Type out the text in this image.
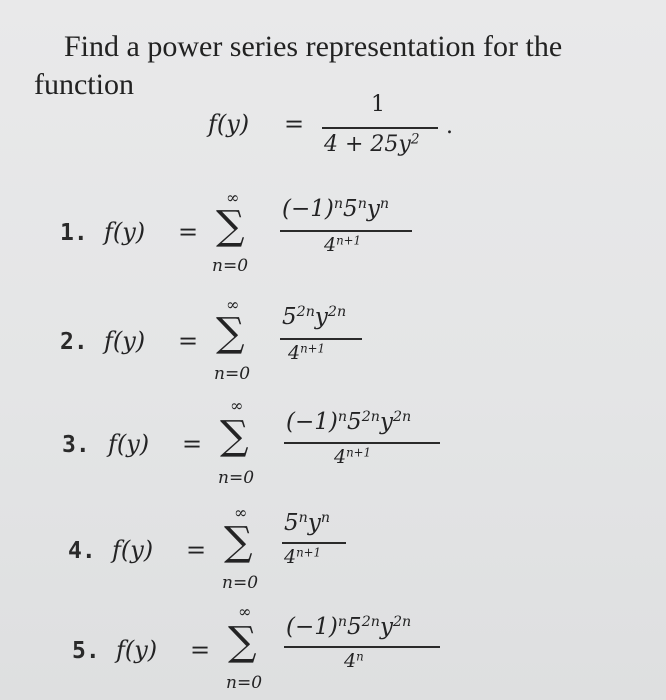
Find a power series representation for the
function
f(y) =
1
$4 + 25y^2$
.
1. f(y) =
∞
∑
n=0
$(-1)^n5^ny^n$
$4^{n+1}$
2. f(y) =
∞
∑
n=0
$5^{2n}y^{2n}$
$4^{n+1}$
3. f(y) =
∞
∑
n=0
$(-1)^n5^{2n}y^{2n}$
$4^{n+1}$
4. f(y) =
∞
∑
n=0
$5^ny^n$
$4^{n+1}$
5. f(y) =
∞
∑
n=0
$(-1)^n5^{2n}y^{2n}$
4$^n$
